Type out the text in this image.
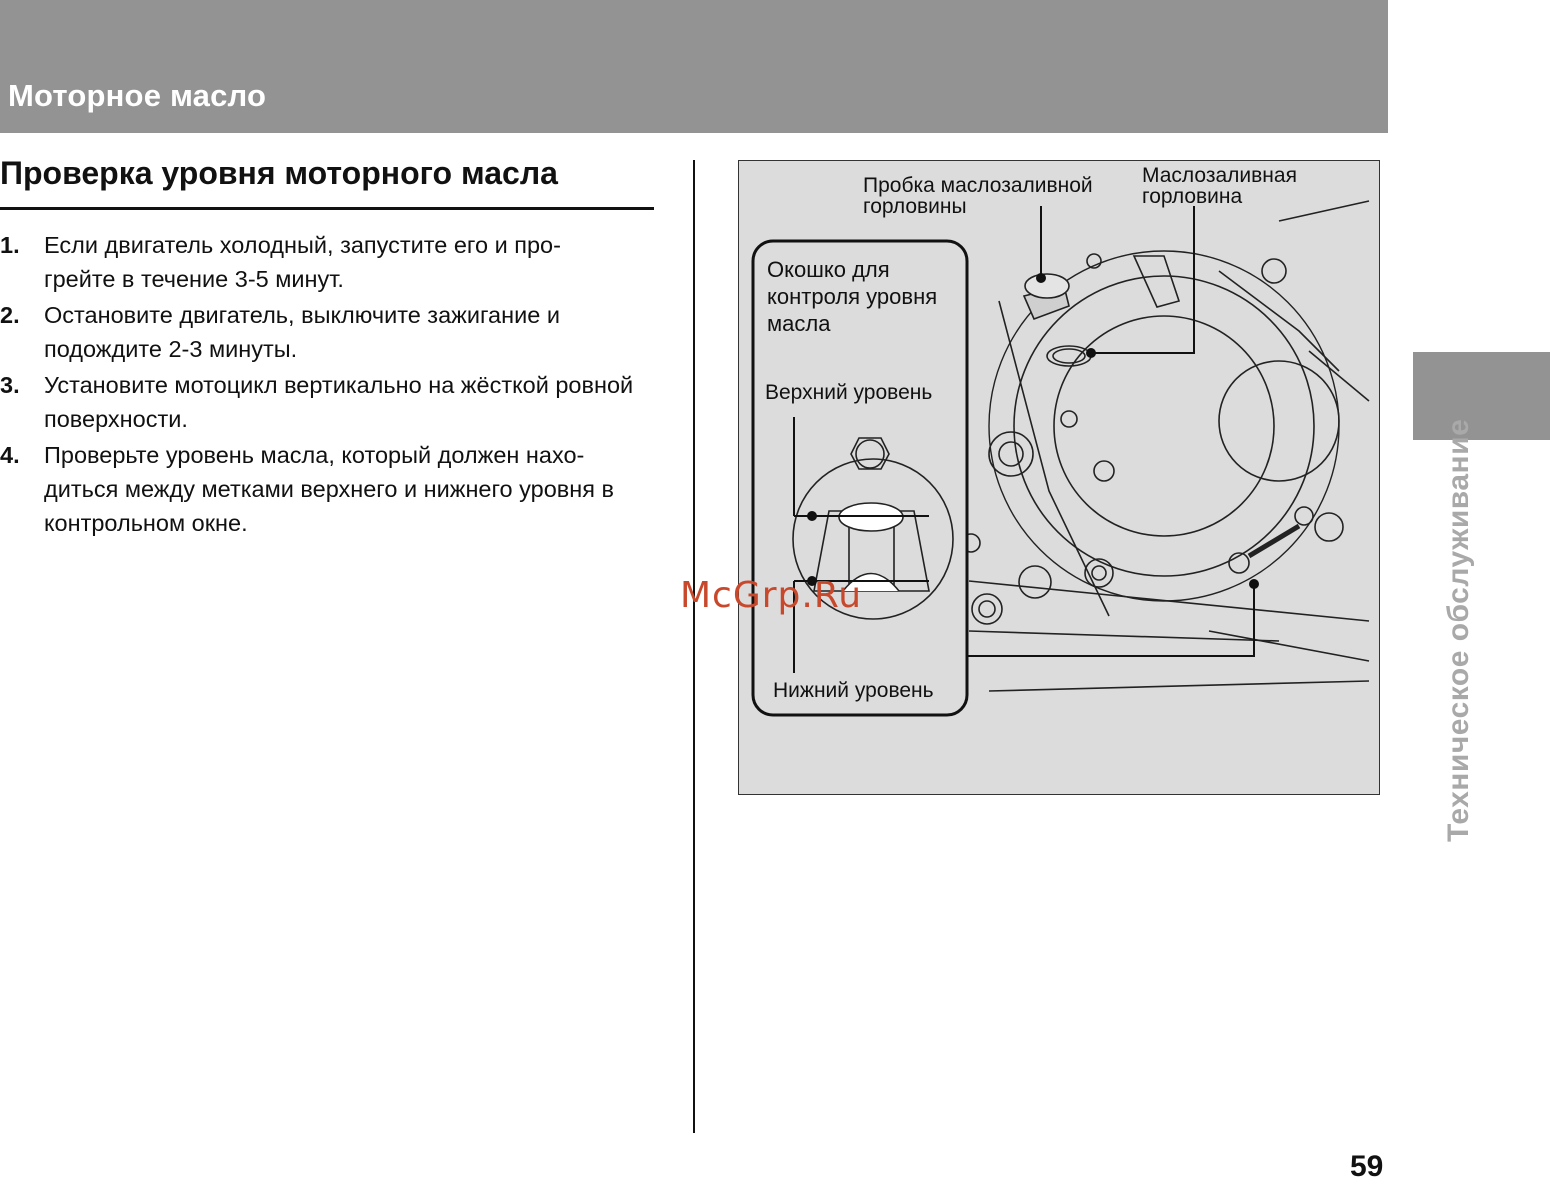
Моторное масло
Проверка уровня моторного масла
1.	Если двигатель холодный, запустите его и про-
грейте в течение 3-5 минут.
2.	Остановите двигатель, выключите зажигание и подождите 2-3 минуты.
3.	Установите мотоцикл вертикально на жёсткой ровной поверхности.
4.	Проверьте уровень масла, который должен нахо-
диться между метками верхнего и нижнего уровня в контрольном окне.
Пробка маслозаливной
горловины
Маслозаливная
горловина
Окошко для
контроля уровня
масла
Верхний уровень
Нижний уровень
McGrp.Ru	Техническое обслуживание
59
